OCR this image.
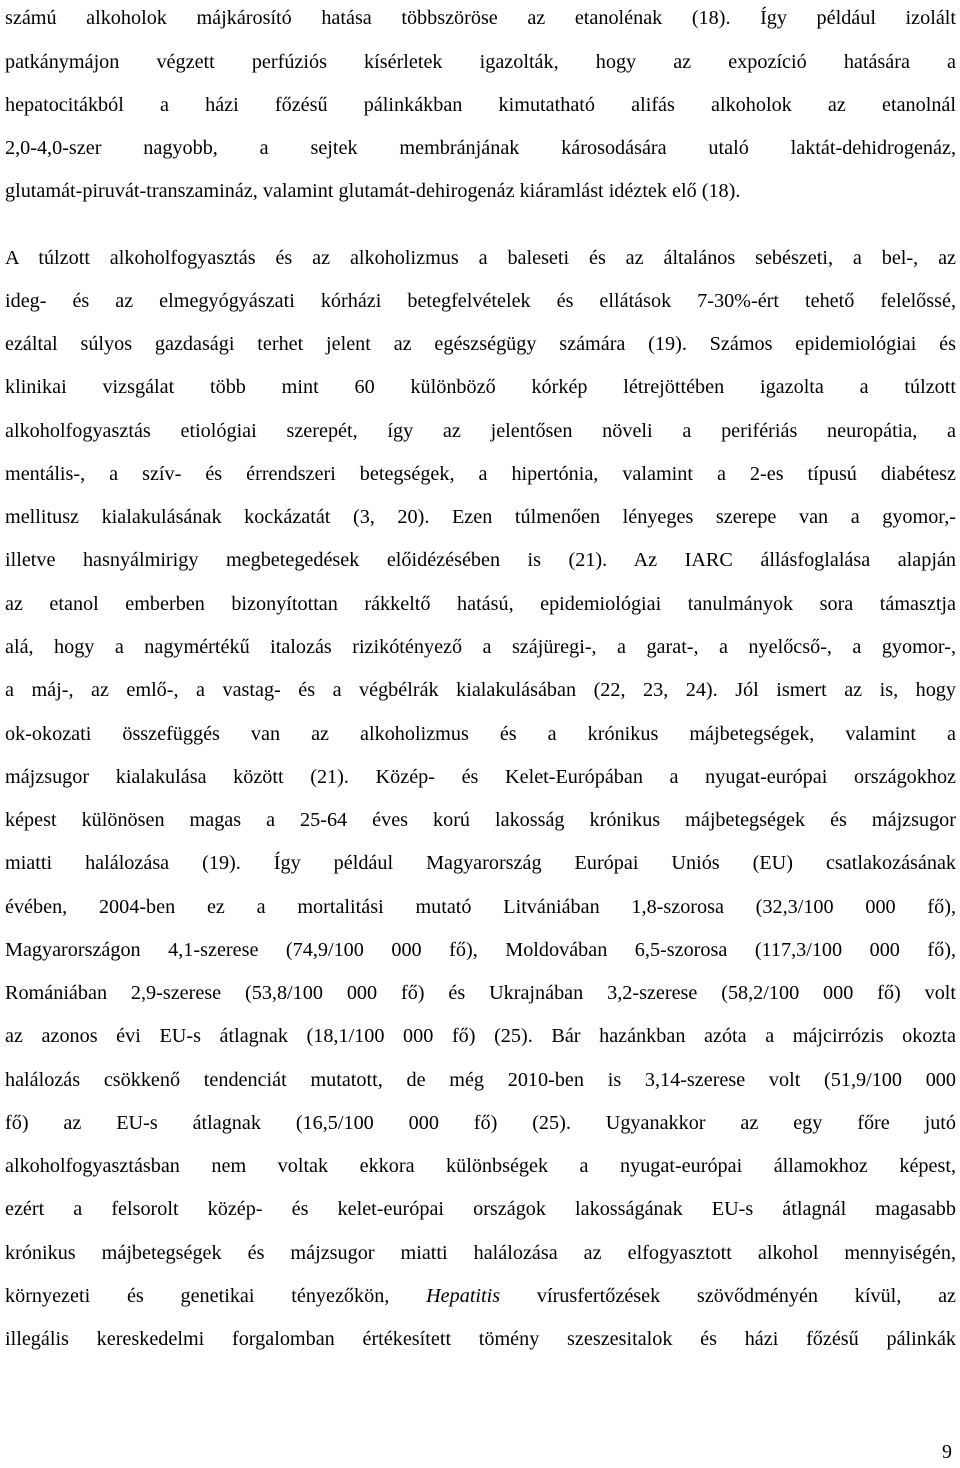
számú alkoholok májkárosító hatása többszöröse az etanolénak (18). Így például izolált
patkánymájon végzett perfúziós kísérletek igazolták, hogy az expozíció hatására a
hepatocitákból a házi főzésű pálinkákban kimutatható alifás alkoholok az etanolnál
2,0-4,0-szer nagyobb, a sejtek membránjának károsodására utaló laktát-dehidrogenáz,
glutamát-piruvát-transzamináz, valamint glutamát-dehirogenáz kiáramlást idéztek elő (18).
A túlzott alkoholfogyasztás és az alkoholizmus a baleseti és az általános sebészeti, a bel-, az
ideg- és az elmegyógyászati kórházi betegfelvételek és ellátások 7-30%-ért tehető felelőssé,
ezáltal súlyos gazdasági terhet jelent az egészségügy számára (19). Számos epidemiológiai és
klinikai vizsgálat több mint 60 különböző kórkép létrejöttében igazolta a túlzott
alkoholfogyasztás etiológiai szerepét, így az jelentősen növeli a perifériás neuropátia, a
mentális-, a szív- és érrendszeri betegségek, a hipertónia, valamint a 2-es típusú diabétesz
mellitusz kialakulásának kockázatát (3, 20). Ezen túlmenően lényeges szerepe van a gyomor,-
illetve hasnyálmirigy megbetegedések előidézésében is (21). Az IARC állásfoglalása alapján
az etanol emberben bizonyítottan rákkeltő hatású, epidemiológiai tanulmányok sora támasztja
alá, hogy a nagymértékű italozás rizikótényező a szájüregi-, a garat-, a nyelőcső-, a gyomor-,
a máj-, az emlő-, a vastag- és a végbélrák kialakulásában (22, 23, 24). Jól ismert az is, hogy
ok-okozati összefüggés van az alkoholizmus és a krónikus májbetegségek, valamint a
májzsugor kialakulása között (21). Közép- és Kelet-Európában a nyugat-európai országokhoz
képest különösen magas a 25-64 éves korú lakosság krónikus májbetegségek és májzsugor
miatti halálozása (19). Így például Magyarország Európai Uniós (EU) csatlakozásának
évében, 2004-ben ez a mortalitási mutató Litvániában 1,8-szorosa (32,3/100 000 fő),
Magyarországon 4,1-szerese (74,9/100 000 fő), Moldovában 6,5-szorosa (117,3/100 000 fő),
Romániában 2,9-szerese (53,8/100 000 fő) és Ukrajnában 3,2-szerese (58,2/100 000 fő) volt
az azonos évi EU-s átlagnak (18,1/100 000 fő) (25). Bár hazánkban azóta a májcirrózis okozta
halálozás csökkenő tendenciát mutatott, de még 2010-ben is 3,14-szerese volt (51,9/100 000
fő) az EU-s átlagnak (16,5/100 000 fő) (25). Ugyanakkor az egy főre jutó
alkoholfogyasztásban nem voltak ekkora különbségek a nyugat-európai államokhoz képest,
ezért a felsorolt közép- és kelet-európai országok lakosságának EU-s átlagnál magasabb
krónikus májbetegségek és májzsugor miatti halálozása az elfogyasztott alkohol mennyiségén,
környezeti és genetikai tényezőkön, Hepatitis vírusfertőzések szövődményén kívül, az
illegális kereskedelmi forgalomban értékesített tömény szeszesitalok és házi főzésű pálinkák
9
